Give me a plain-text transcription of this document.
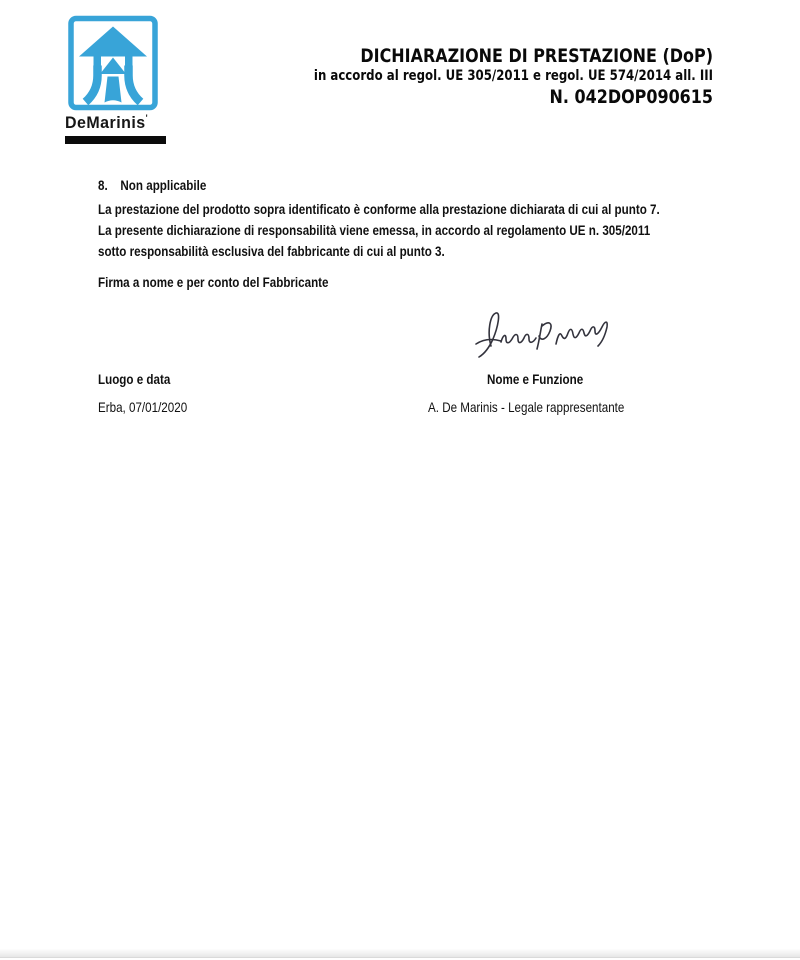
DeMarinis'
DICHIARAZIONE DI PRESTAZIONE (DoP)
in accordo al regol. UE 305/2011 e regol. UE 574/2014 all. III
N. 042DOP090615
8. Non applicabile
La prestazione del prodotto sopra identificato è conforme alla prestazione dichiarata di cui al punto 7.
La presente dichiarazione di responsabilità viene emessa, in accordo al regolamento UE n. 305/2011
sotto responsabilità esclusiva del fabbricante di cui al punto 3.
Firma a nome e per conto del Fabbricante
Luogo e data	Nome e Funzione
Erba, 07/01/2020	A. De Marinis - Legale rappresentante
